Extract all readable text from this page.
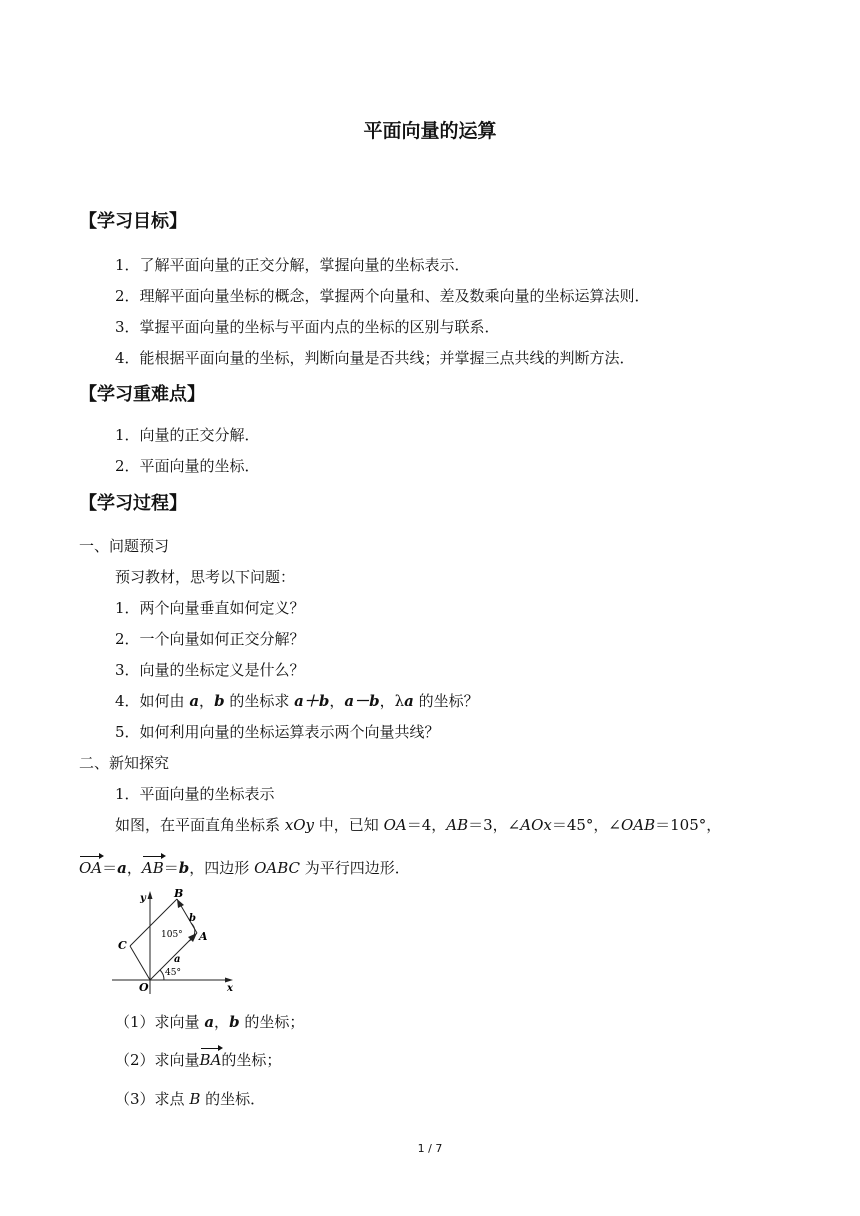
平面向量的运算
【学习目标】
1．了解平面向量的正交分解，掌握向量的坐标表示．
2．理解平面向量坐标的概念，掌握两个向量和、差及数乘向量的坐标运算法则．
3．掌握平面向量的坐标与平面内点的坐标的区别与联系．
4．能根据平面向量的坐标，判断向量是否共线；并掌握三点共线的判断方法．
【学习重难点】
1．向量的正交分解．
2．平面向量的坐标．
【学习过程】
一、问题预习
预习教材，思考以下问题：
1．两个向量垂直如何定义？
2．一个向量如何正交分解？
3．向量的坐标定义是什么？
4．如何由 a，b 的坐标求 a＋b，a－b，λa 的坐标？
5．如何利用向量的坐标运算表示两个向量共线？
二、新知探究
1．平面向量的坐标表示
如图，在平面直角坐标系 xOy 中，已知 OA＝4，AB＝3，∠AOx＝45°，∠OAB＝105°，
OA＝a，AB＝b，四边形 OABC 为平行四边形．
y
x
O
A
B
C
a
b
45°
105°
（1）求向量 a，b 的坐标；
（2）求向量BA的坐标；
（3）求点 B 的坐标．
1 / 7
